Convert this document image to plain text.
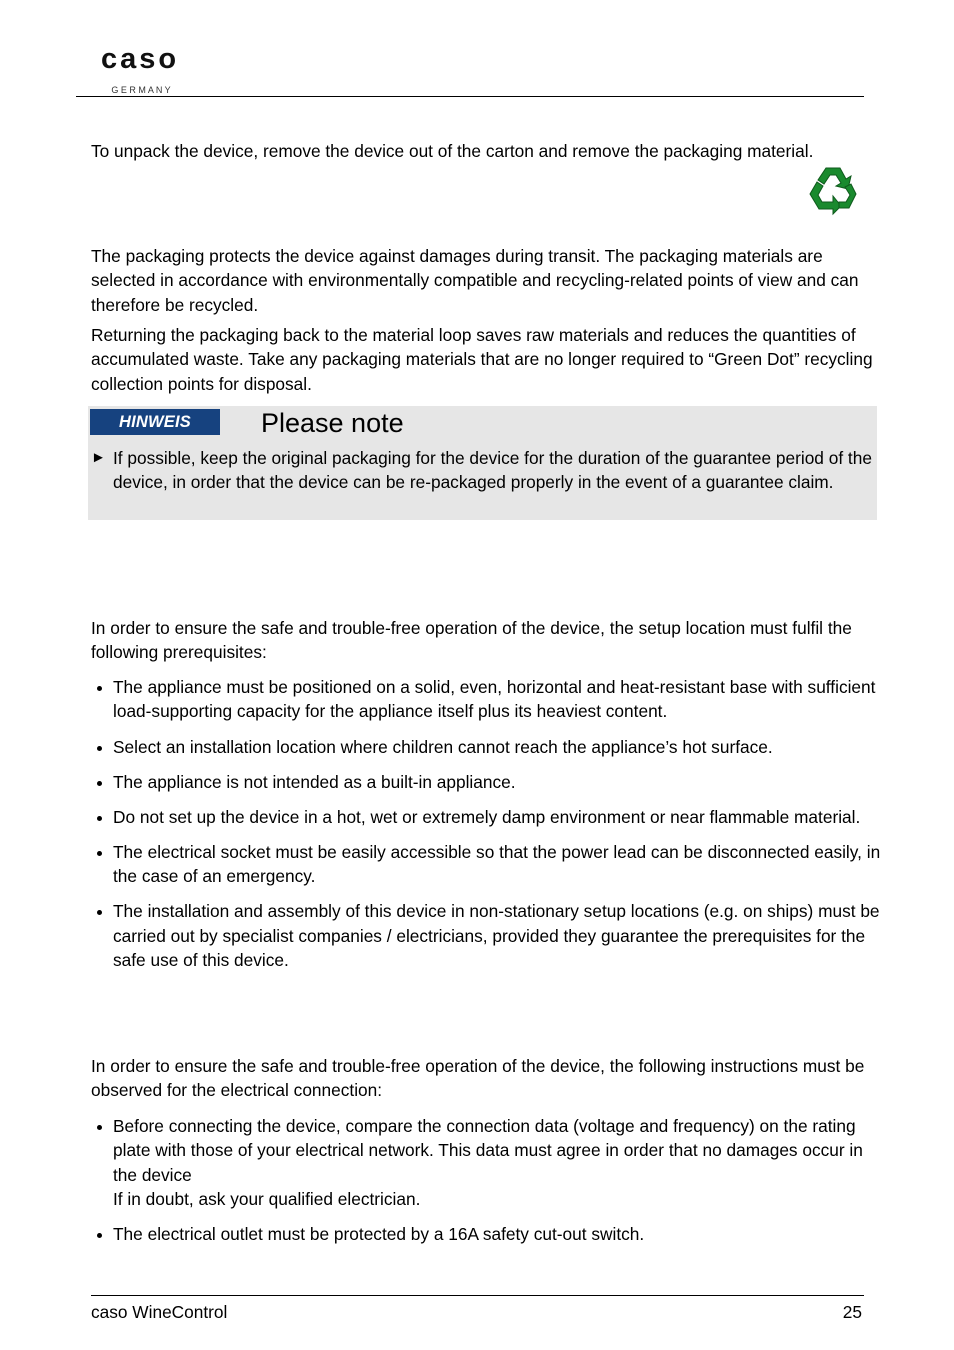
caso
G E R M A N Y

To unpack the device, remove the device out of the carton and remove the packaging material.

The packaging protects the device against damages during transit. The packaging materials are selected in accordance with environmentally compatible and recycling-related points of view and can therefore be recycled.

Returning the packaging back to the material loop saves raw materials and reduces the quantities of accumulated waste. Take any packaging materials that are no longer required to “Green Dot” recycling collection points for disposal.

HINWEIS	Please note
► If possible, keep the original packaging for the device for the duration of the guarantee period of the device, in order that the device can be re-packaged properly in the event of a guarantee claim.

In order to ensure the safe and trouble-free operation of the device, the setup location must fulfil the following prerequisites:

The appliance must be positioned on a solid, even, horizontal and heat-resistant base with sufficient load-supporting capacity for the appliance itself plus its heaviest content.
Select an installation location where children cannot reach the appliance’s hot surface.
The appliance is not intended as a built-in appliance.
Do not set up the device in a hot, wet or extremely damp environment or near flammable material.
The electrical socket must be easily accessible so that the power lead can be disconnected easily, in the case of an emergency.
The installation and assembly of this device in non-stationary setup locations (e.g. on ships) must be carried out by specialist companies / electricians, provided they guarantee the prerequisites for the safe use of this device.

In order to ensure the safe and trouble-free operation of the device, the following instructions must be observed for the electrical connection:

Before connecting the device, compare the connection data (voltage and frequency) on the rating plate with those of your electrical network. This data must agree in order that no damages occur in the device
If in doubt, ask your qualified electrician.
The electrical outlet must be protected by a 16A safety cut-out switch.
caso WineControl	25
